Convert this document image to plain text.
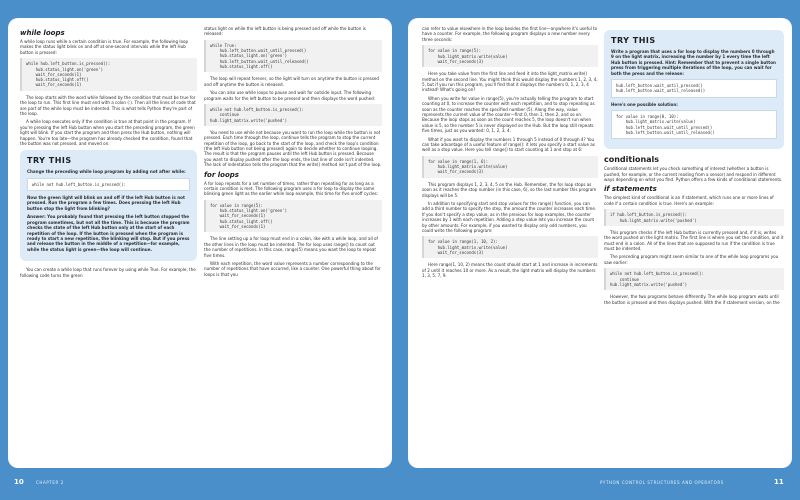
while loops

A while loop runs while a certain condition is true. For example, the following loop makes the status light blink on and off at one-second intervals while the left Hub button is pressed:

while hub.left_button.is_pressed():
hub.status_light.on('green')
wait_for_seconds(1)
hub.status_light.off()
wait_for_seconds(1)

The loop starts with the word while followed by the condition that must be true for the loop to run. This first line must end with a colon (:). Then all the lines of code that are part of the while loop must be indented. This is what tells Python they're part of the loop.

A while loop executes only if the condition is true at that point in the program. If you're pressing the left Hub button when you start the preceding program, the green light will blink. If you start the program and then press the Hub button, nothing will happen. You're too late—the program has already checked the condition, found that the button was not pressed, and moved on.

TRY THIS

Change the preceding while loop program by adding not after while:

while not hub.left_button.is_pressed():

Now the green light will blink on and off if the left Hub button is not pressed. Run the program a few times. Does pressing the left Hub button stop the light from blinking?

Answer: You probably found that pressing the left button stopped the program sometimes, but not all the time. This is because the program checks the state of the left Hub button only at the start of each repetition of the loop. If the button is pressed when the program is ready to start a new repetition, the blinking will stop. But if you press and release the button in the middle of a repetition—for example, while the status light is green—the loop will continue.

You can create a while loop that runs forever by using while True. For example, the following code turns the green

status light on while the left button is being pressed and off while the button is released:

while True:
hub.left_button.wait_until_pressed()
hub.status_light.on('green')
hub.left_button.wait_until_released()
hub.status_light.off()

The loop will repeat forever, so the light will turn on anytime the button is pressed and off anytime the button is released.

You can also use while loops to pause and wait for outside input. The following program waits for the left button to be pressed and then displays the word pushed:

while not hub.left_button.is_pressed():
continue
hub.light_matrix.write('pushed')

You need to use while not because you want to run the loop while the button is not pressed. Each time through the loop, continue tells the program to stop the current repetition of the loop, go back to the start of the loop, and check the loop's condition (the left Hub button not being pressed) again to decide whether to continue looping. The result is that the program pauses until the left Hub button is pressed. Because you want to display pushed after the loop ends, the last line of code isn't indented. The lack of indentation tells the program that the write() method isn't part of the loop.

for loops

A for loop repeats for a set number of times, rather than repeating for as long as a certain condition is met. The following program uses a for loop to display the same blinking green light as the earlier while loop example, this time for five on/off cycles:

for value in range(5):
hub.status_light.on('green')
wait_for_seconds(1)
hub.status_light.off()
wait_for_seconds(1)

The line setting up a for loop must end in a colon, like with a while loop, and all of the other lines in the loop must be indented. The for loop uses range() to count out the number of repetitions. In this case, range(5) means you want the loop to repeat five times.

With each repetition, the word value represents a number corresponding to the number of repetitions that have occurred, like a counter. One powerful thing about for loops is that you

can refer to value elsewhere in the loop besides the first line—anywhere it's useful to have a counter. For example, the following program displays a new number every three seconds:

for value in range(5):
hub.light_matrix.write(value)
wait_for_seconds(3)

Here you take value from the first line and feed it into the light_matrix.write() method on the second line. You might think this would display the numbers 1, 2, 3, 4, 5, but if you run this program, you'll find that it displays the numbers 0, 1, 2, 3, 4 instead! What's going on?

When you write for value in range(5), you're actually telling the program to start counting at 0, to increase the counter with each repetition, and to stop repeating as soon as the counter reaches the specified number (5). Along the way, value represents the current value of the counter—first 0, then 1, then 2, and so on. Because the loop stops as soon as the count reaches 5, the loop doesn't run when value is 5, so the number 5 is never displayed on the Hub. But the loop still repeats five times, just as you wanted: 0, 1, 2, 3, 4.

What if you want to display the numbers 1 through 5 instead of 0 through 4? You can take advantage of a useful feature of range(): it lets you specify a start value as well as a stop value. Here you tell range() to start counting at 1 and stop at 6:

for value in range(1, 6):
hub.light_matrix.write(value)
wait_for_seconds(3)

This program displays 1, 2, 3, 4, 5 on the Hub. Remember, the for loop stops as soon as it reaches the stop number (in this case, 6), so the last number this program displays will be 5.

In addition to specifying start and stop values for the range() function, you can add a third number to specify the step, the amount the counter increases each time. If you don't specify a step value, as in the previous for loop examples, the counter increases by 1 with each repetition. Adding a step value lets you increase the count by other amounts. For example, if you wanted to display only odd numbers, you could write the following program:

for value in range(1, 10, 2):
hub.light_matrix.write(value)
wait_for_seconds(3)

Here range(1, 10, 2) means the count should start at 1 and increase in increments of 2 until it reaches 10 or more. As a result, the light matrix will display the numbers 1, 3, 5, 7, 9.

TRY THIS

Write a program that uses a for loop to display the numbers 0 through 9 on the light matrix, increasing the number by 1 every time the left Hub button is pressed. Hint: Remember that to prevent a single button press from triggering multiple iterations of the loop, you can wait for both the press and the release:

hub.left_button.wait_until_pressed()
hub.left_button.wait_until_released()

Here's one possible solution:

for value in range(0, 10):
hub.light_matrix.write(value)
hub.left_button.wait_until_pressed()
hub.left_button.wait_until_released()
conditionals

Conditional statements let you check something of interest (whether a button is pushed, for example, or the current reading from a sensor) and respond in different ways depending on what you find. Python offers a few kinds of conditional statements.

if statements

The simplest kind of conditional is an if statement, which runs one or more lines of code if a certain condition is true. Here's an example:

if hub.left_button.is_pressed():
hub.light_matrix.write('pushed')

This program checks if the left Hub button is currently pressed and, if it is, writes the word pushed on the light matrix. The first line is where you set the condition, and it must end in a colon. All of the lines that are supposed to run if the condition is true must be indented.

The preceding program might seem similar to one of the while loop programs you saw earlier:

while not hub.left_button.is_pressed():
continue
hub.light_matrix.write('pushed')

However, the two programs behave differently. The while loop program waits until the button is pressed and then displays pushed. With the if statement version, on the

10	CHAPTER 2	PYTHON CONTROL STRUCTURES AND OPERATORS	11
